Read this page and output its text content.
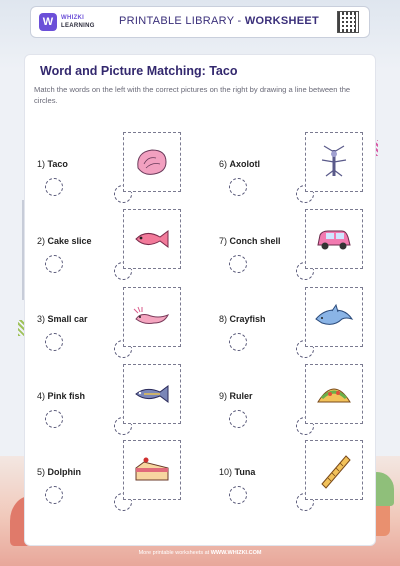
W	WHIZKI
LEARNING PRINTABLE LIBRARY - WORKSHEET
Word and Picture Matching: Taco
Match the words on the left with the correct pictures on the right by drawing a line between the circles.
1) Taco	6) Axolotl
2) Cake slice	7) Conch shell
3) Small car	8) Crayfish
4) Pink fish	9) Ruler
5) Dolphin	10) Tuna
More printable worksheets at WWW.WHIZKI.COM
